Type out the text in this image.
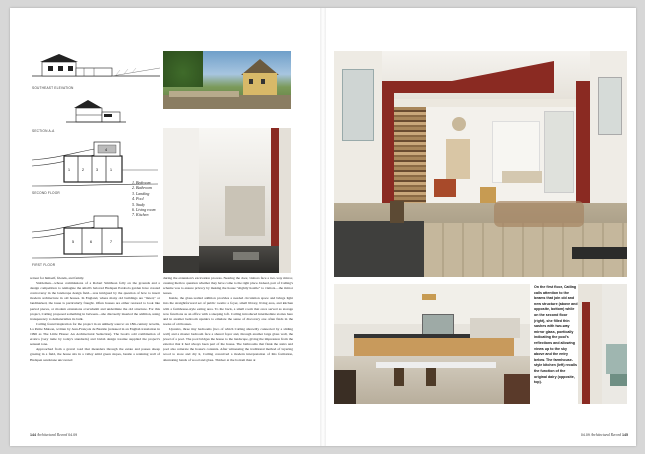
SOUTHEAST ELEVATION
SECTION A-A
1	2	3	1
4
SECOND FLOOR
1. Bedroom
2. Bathroom
3. Landing
4. Pool
5. Study
6. Living room
7. Kitchen
5	6	7
FIRST FLOOR

retreat for himself, friends, and family.

Stableman—whose commissions of a Robert Smithson folly on the grounds and a design competition to reimagine the small's beloved Hadspen Parabola garden have created controversy in the landscape design field—was intrigued by the question of how to insert modern architecture in old houses. In England, where many old buildings are "listed," or landmarked, the issue is particularly fraught. Often houses are either restored to look like period pieces, or modern extensions overwhelm and undermine the old structure. For this project, Catling proposed something in between—she discreetly inserted the addition, using transparency to dematerialize its bulk.

Catling found inspiration for the project in an unlikely source: an 18th-century novella, La Petite Maison, written by Jean-François de Bastide (reissued in an English translation in 1996 as The Little House: An Architectural Seduction). The book's odd combination of erotica (very tame by today's standards) and lavish design treatise supplied the project's sensual tone.

Approached from a gravel road that meanders through the estate and passes sheep grazing in a field, the house sits in a valley amid green slopes, beside a retaining wall of Hadspen sandstone uncovered

during the extension's excavation process. Nearing the door, visitors face a two-way mirror, causing them to question whether they have come to the right place. Indeed, part of Catling's scheme was to ensure privacy by making the house "slightly hostile" to visitors—the mirror teases.

Inside, the glass-walled addition provides a needed circulation space and brings light into the straightforward set of public rooms: a foyer, small library, living area, and kitchen with a farmhouse-style eating area. To the back, a small room that once served as storage now functions as an office with a sleeping loft. Catling introduced intermediate stories here and in another bedroom upstairs to emulate the sense of discovery one often finds in the nooks of old houses.

Upstairs, three tiny bedrooms (two of which Catling shrewdly connected by a sliding wall) and a master bedroom face a shared foyer and, through another large glass wall, the jewel of a pool. The pool bridges the house to the landscape, giving the impression from the exterior that it had always been part of the house. The bathrooms that flank the stairs and pool also reiterate the house's contents. After witnessing the traditional method of layering wood to store and dry it, Catling conceived a modern interpretation of this formation, alternating bands of wood and glass. Thicker at the bottom than at

144 Architectural Record 04.09
On the first floor, Catling calls attention to the beams that join old and new structure (above and opposite, bottom) while on the second floor (right), she filled thin sashes with two-way mirror glass, poetically indicating the pool's reflections and allowing views up to the sky above and the entry below. The farmhouse-style kitchen (left) recalls the function of the original dairy (opposite, top).
04.09 Architectural Record 145
